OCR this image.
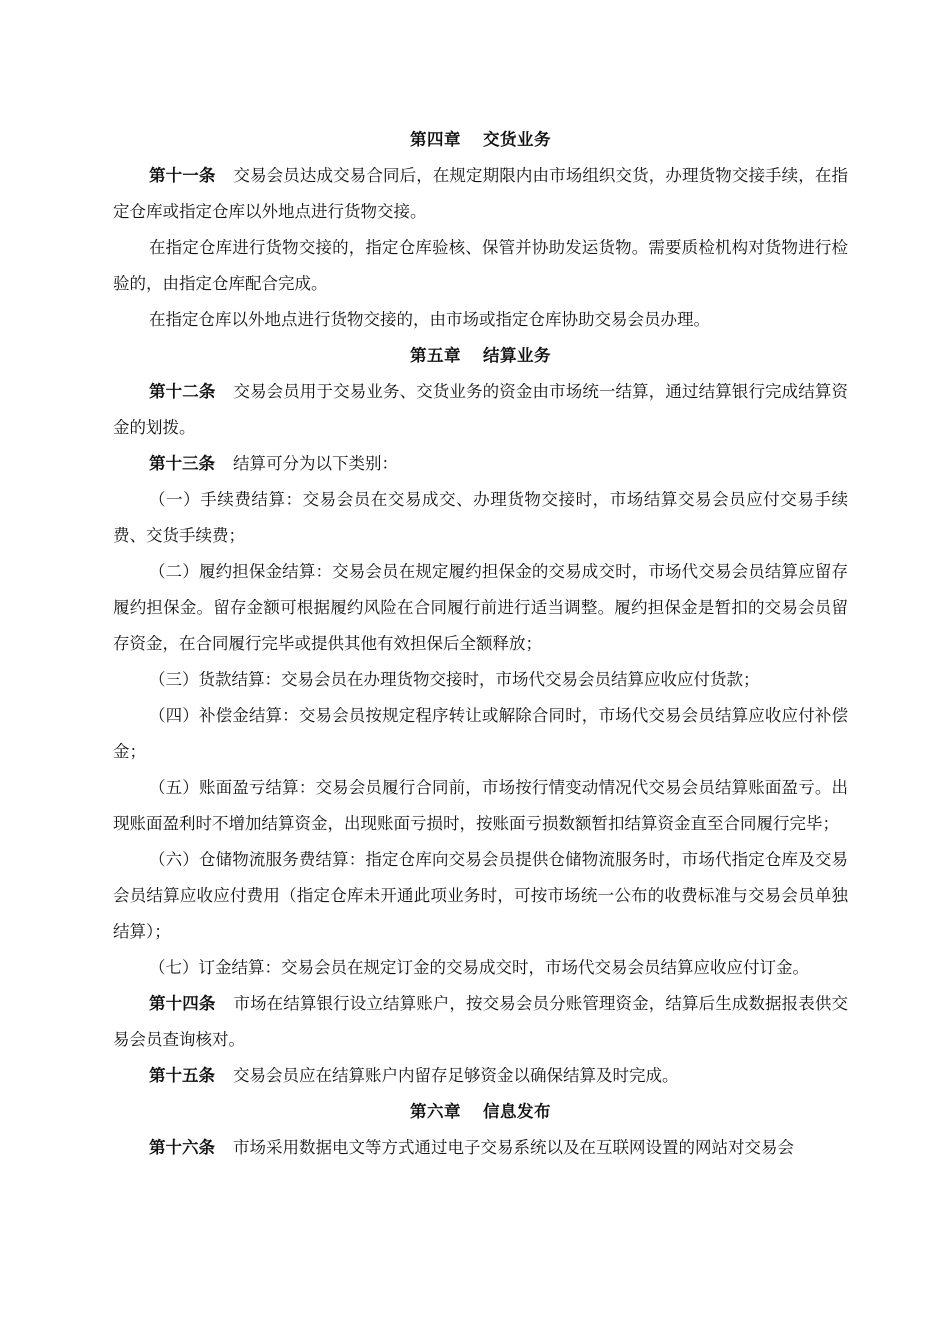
第四章 交货业务

第十一条 交易会员达成交易合同后，在规定期限内由市场组织交货，办理货物交接手续，在指定仓库或指定仓库以外地点进行货物交接。

在指定仓库进行货物交接的，指定仓库验核、保管并协助发运货物。需要质检机构对货物进行检验的，由指定仓库配合完成。

在指定仓库以外地点进行货物交接的，由市场或指定仓库协助交易会员办理。

第五章 结算业务

第十二条 交易会员用于交易业务、交货业务的资金由市场统一结算，通过结算银行完成结算资金的划拨。

第十三条 结算可分为以下类别：

（一）手续费结算：交易会员在交易成交、办理货物交接时，市场结算交易会员应付交易手续费、交货手续费；

（二）履约担保金结算：交易会员在规定履约担保金的交易成交时，市场代交易会员结算应留存履约担保金。留存金额可根据履约风险在合同履行前进行适当调整。履约担保金是暂扣的交易会员留存资金，在合同履行完毕或提供其他有效担保后全额释放；

（三）货款结算：交易会员在办理货物交接时，市场代交易会员结算应收应付货款；

（四）补偿金结算：交易会员按规定程序转让或解除合同时，市场代交易会员结算应收应付补偿金；

（五）账面盈亏结算：交易会员履行合同前，市场按行情变动情况代交易会员结算账面盈亏。出现账面盈利时不增加结算资金，出现账面亏损时，按账面亏损数额暂扣结算资金直至合同履行完毕；

（六）仓储物流服务费结算：指定仓库向交易会员提供仓储物流服务时，市场代指定仓库及交易会员结算应收应付费用（指定仓库未开通此项业务时，可按市场统一公布的收费标准与交易会员单独结算）；

（七）订金结算：交易会员在规定订金的交易成交时，市场代交易会员结算应收应付订金。

第十四条 市场在结算银行设立结算账户，按交易会员分账管理资金，结算后生成数据报表供交易会员查询核对。

第十五条 交易会员应在结算账户内留存足够资金以确保结算及时完成。

第六章 信息发布

第十六条 市场采用数据电文等方式通过电子交易系统以及在互联网设置的网站对交易会
